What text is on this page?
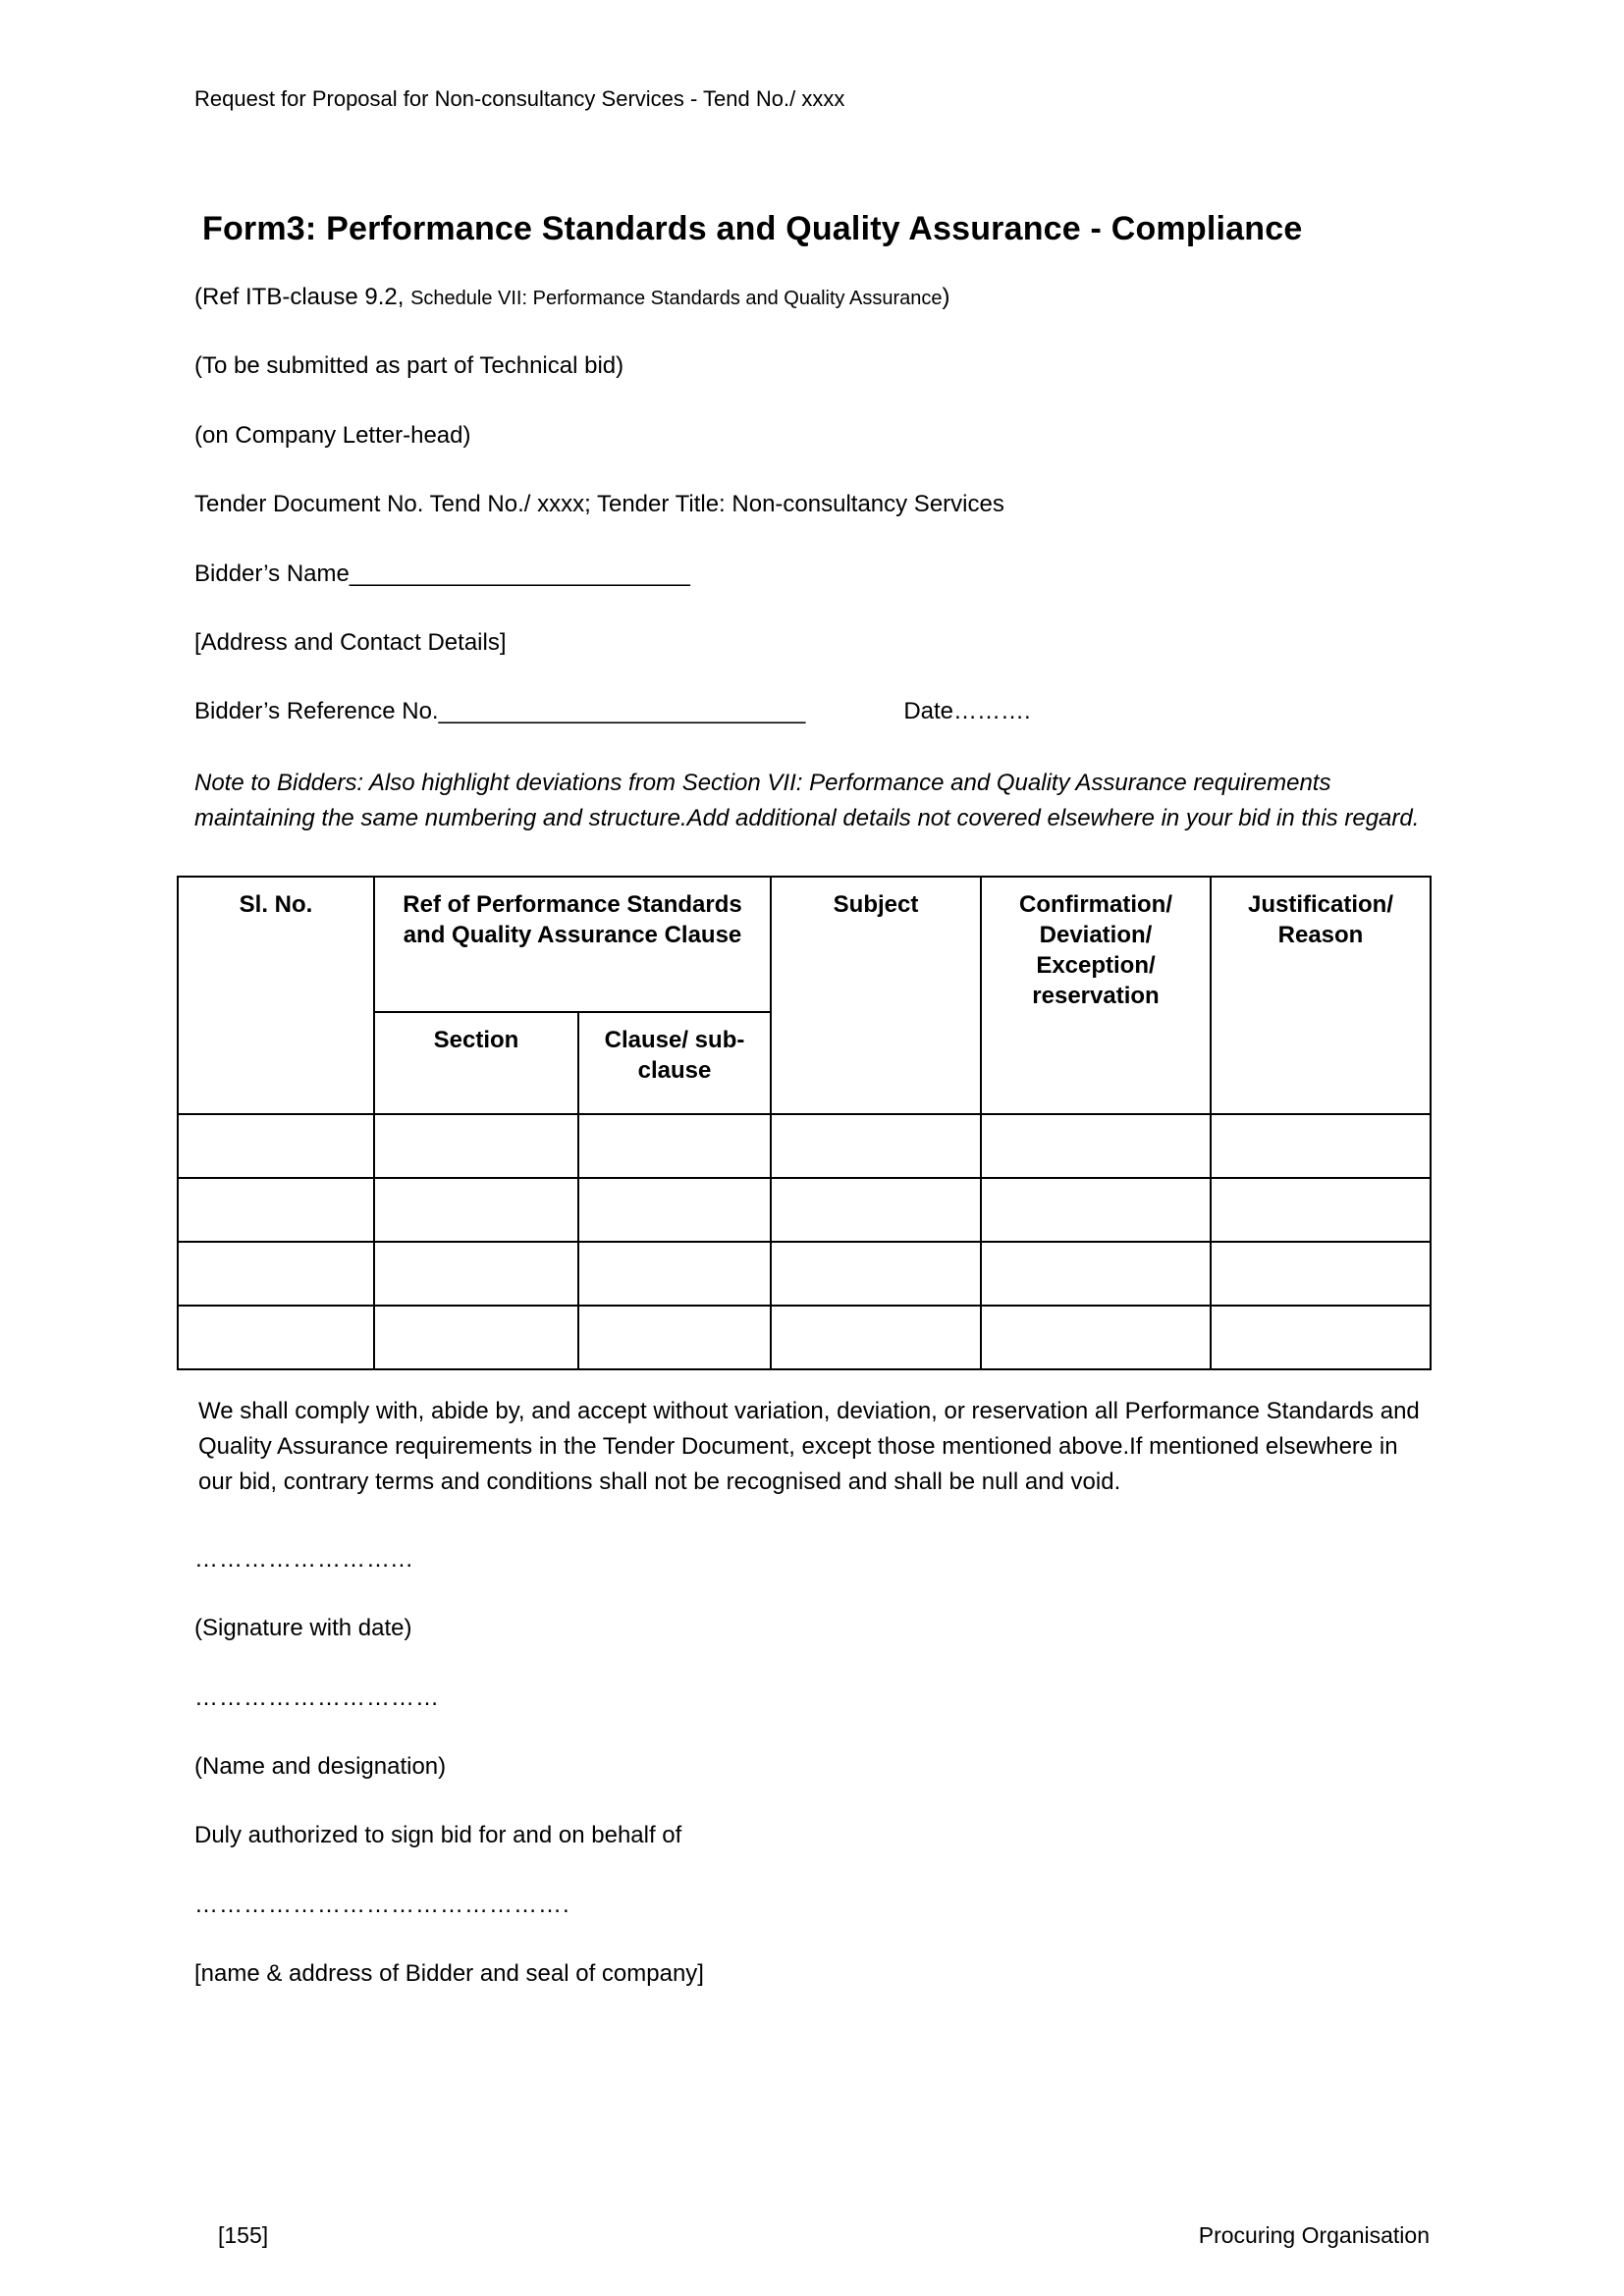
Request for Proposal for Non-consultancy Services - Tend No./ xxxx
Form3: Performance Standards and Quality Assurance - Compliance

(Ref ITB-clause 9.2, Schedule VII: Performance Standards and Quality Assurance)

(To be submitted as part of Technical bid)

(on Company Letter-head)

Tender Document No. Tend No./ xxxx; Tender Title: Non-consultancy Services

Bidder’s Name__________________________

[Address and Contact Details]

Bidder’s Reference No.____________________________	Date……….

Note to Bidders: Also highlight deviations from Section VII: Performance and Quality Assurance requirements maintaining the same numbering and structure.Add additional details not covered elsewhere in your bid in this regard.

Sl. No.	Ref of Performance Standards and Quality Assurance Clause		Subject	Confirmation/ Deviation/ Exception/ reservation	Justification/ Reason
	Section	Clause/ sub-clause			

We shall comply with, abide by, and accept without variation, deviation, or reservation all Performance Standards and Quality Assurance requirements in the Tender Document, except those mentioned above.If mentioned elsewhere in our bid, contrary terms and conditions shall not be recognised and shall be null and void.

……………………...

(Signature with date)

…………………………

(Name and designation)

Duly authorized to sign bid for and on behalf of

……………………………………….

[name & address of Bidder and seal of company]

[155]	Procuring Organisation
